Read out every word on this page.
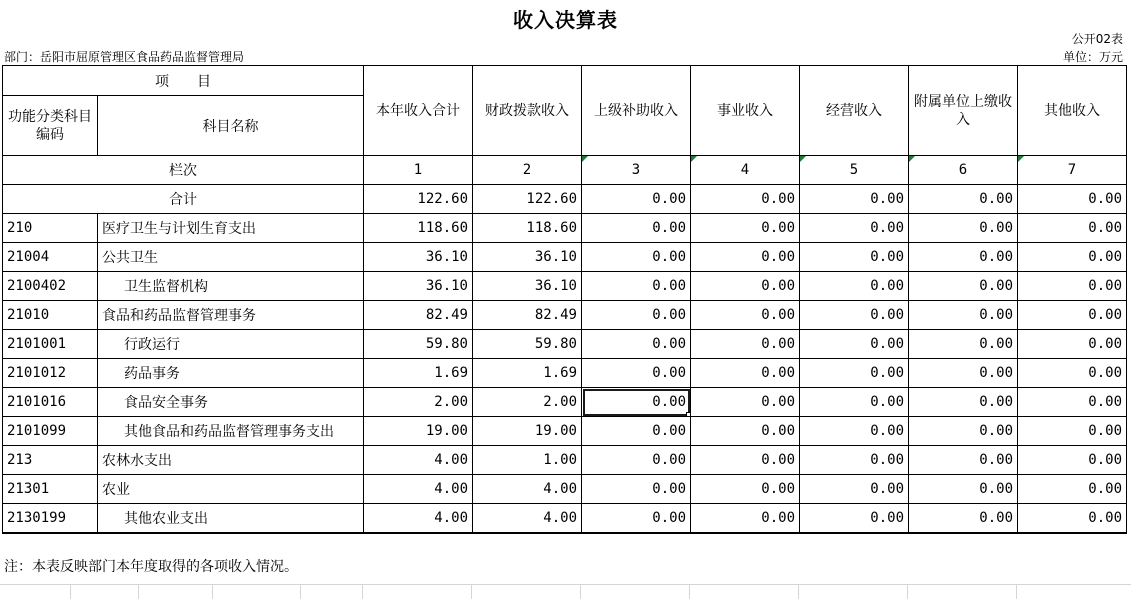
收入决算表
公开02表
部门：岳阳市屈原管理区食品药品监督管理局	单位：万元
项　　目		本年收入合计	财政拨款收入	上级补助收入	事业收入	经营收入	附属单位上缴收入	其他收入
功能分类科目编码	科目名称							
栏次		1	2	3	4	5	6	7
合计		122.60	122.60	0.00	0.00	0.00	0.00	0.00
210	医疗卫生与计划生育支出	118.60	118.60	0.00	0.00	0.00	0.00	0.00
21004	公共卫生	36.10	36.10	0.00	0.00	0.00	0.00	0.00
2100402	卫生监督机构	36.10	36.10	0.00	0.00	0.00	0.00	0.00
21010	食品和药品监督管理事务	82.49	82.49	0.00	0.00	0.00	0.00	0.00
2101001	行政运行	59.80	59.80	0.00	0.00	0.00	0.00	0.00
2101012	药品事务	1.69	1.69	0.00	0.00	0.00	0.00	0.00
2101016	食品安全事务	2.00	2.00	0.00	0.00	0.00	0.00	0.00
2101099	其他食品和药品监督管理事务支出	19.00	19.00	0.00	0.00	0.00	0.00	0.00
213	农林水支出	4.00	1.00	0.00	0.00	0.00	0.00	0.00
21301	农业	4.00	4.00	0.00	0.00	0.00	0.00	0.00
2130199	其他农业支出	4.00	4.00	0.00	0.00	0.00	0.00	0.00
注：本表反映部门本年度取得的各项收入情况。
